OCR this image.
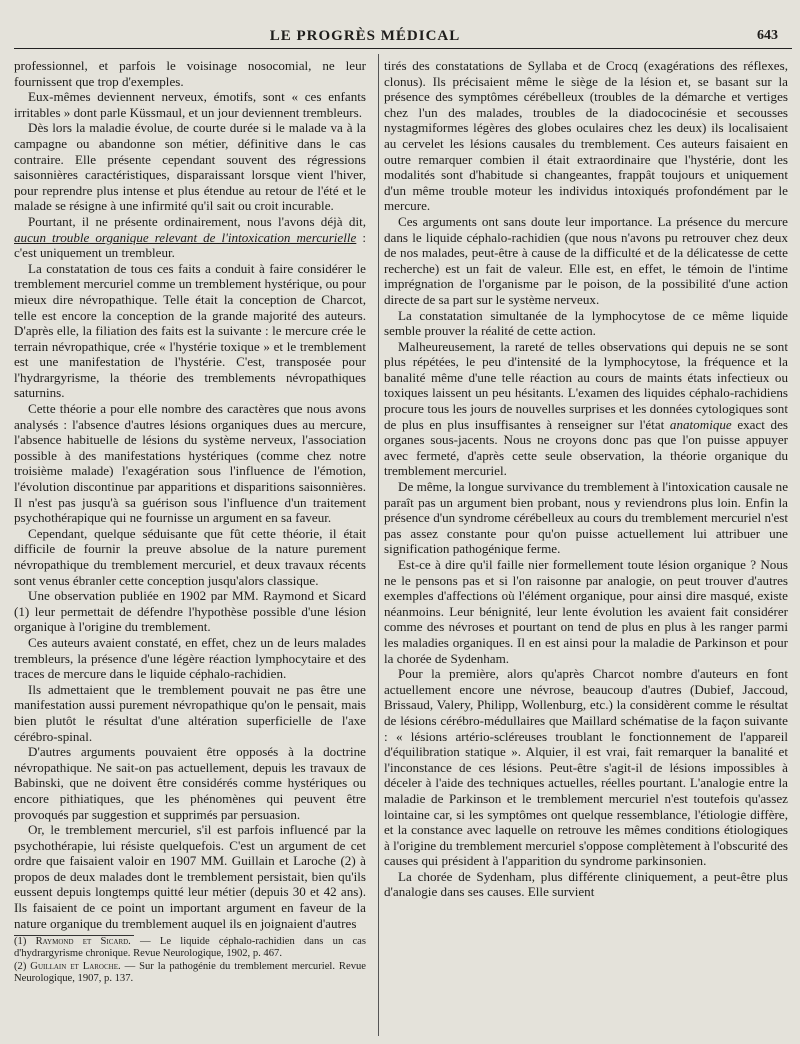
LE PROGRÈS MÉDICAL	643

professionnel, et parfois le voisinage nosocomial, ne leur fournissent que trop d'exemples.

Eux-mêmes deviennent nerveux, émotifs, sont « ces enfants irritables » dont parle Küssmaul, et un jour deviennent trembleurs.

Dès lors la maladie évolue, de courte durée si le malade va à la campagne ou abandonne son métier, définitive dans le cas contraire. Elle présente cependant souvent des régressions saisonnières caractéristiques, disparaissant lorsque vient l'hiver, pour reprendre plus intense et plus étendue au retour de l'été et le malade se résigne à une infirmité qu'il sait ou croit incurable.

Pourtant, il ne présente ordinairement, nous l'avons déjà dit, aucun trouble organique relevant de l'intoxication mercurielle : c'est uniquement un trembleur.

La constatation de tous ces faits a conduit à faire considérer le tremblement mercuriel comme un tremblement hystérique, ou pour mieux dire névropathique. Telle était la conception de Charcot, telle est encore la conception de la grande majorité des auteurs. D'après elle, la filiation des faits est la suivante : le mercure crée le terrain névropathique, crée « l'hystérie toxique » et le tremblement est une manifestation de l'hystérie. C'est, transposée pour l'hydrargyrisme, la théorie des tremblements névropathiques saturnins.

Cette théorie a pour elle nombre des caractères que nous avons analysés : l'absence d'autres lésions organiques dues au mercure, l'absence habituelle de lésions du système nerveux, l'association possible à des manifestations hystériques (comme chez notre troisième malade) l'exagération sous l'influence de l'émotion, l'évolution discontinue par apparitions et disparitions saisonnières. Il n'est pas jusqu'à sa guérison sous l'influence d'un traitement psychothérapique qui ne fournisse un argument en sa faveur.

Cependant, quelque séduisante que fût cette théorie, il était difficile de fournir la preuve absolue de la nature purement névropathique du tremblement mercuriel, et deux travaux récents sont venus ébranler cette conception jusqu'alors classique.

Une observation publiée en 1902 par MM. Raymond et Sicard (1) leur permettait de défendre l'hypothèse possible d'une lésion organique à l'origine du tremblement.

Ces auteurs avaient constaté, en effet, chez un de leurs malades trembleurs, la présence d'une légère réaction lymphocytaire et des traces de mercure dans le liquide céphalo-rachidien.

Ils admettaient que le tremblement pouvait ne pas être une manifestation aussi purement névropathique qu'on le pensait, mais bien plutôt le résultat d'une altération superficielle de l'axe cérébro-spinal.

D'autres arguments pouvaient être opposés à la doctrine névropathique. Ne sait-on pas actuellement, depuis les travaux de Babinski, que ne doivent être considérés comme hystériques ou encore pithiatiques, que les phénomènes qui peuvent être provoqués par suggestion et supprimés par persuasion.

Or, le tremblement mercuriel, s'il est parfois influencé par la psychothérapie, lui résiste quelquefois. C'est un argument de cet ordre que faisaient valoir en 1907 MM. Guillain et Laroche (2) à propos de deux malades dont le tremblement persistait, bien qu'ils eussent depuis longtemps quitté leur métier (depuis 30 et 42 ans). Ils faisaient de ce point un important argument en faveur de la nature organique du tremblement auquel ils en joignaient d'autres

(1) Raymond et Sicard. — Le liquide céphalo-rachidien dans un cas d'hydrargyrisme chronique. Revue Neurologique, 1902, p. 467.

(2) Guillain et Laroche. — Sur la pathogénie du tremblement mercuriel. Revue Neurologique, 1907, p. 137.

tirés des constatations de Syllaba et de Crocq (exagérations des réflexes, clonus). Ils précisaient même le siège de la lésion et, se basant sur la présence des symptômes cérébelleux (troubles de la démarche et vertiges chez l'un des malades, troubles de la diadococinésie et secousses nystagmiformes légères des globes oculaires chez les deux) ils localisaient au cervelet les lésions causales du tremblement. Ces auteurs faisaient en outre remarquer combien il était extraordinaire que l'hystérie, dont les modalités sont d'habitude si changeantes, frappât toujours et uniquement d'un même trouble moteur les individus intoxiqués profondément par le mercure.

Ces arguments ont sans doute leur importance. La présence du mercure dans le liquide céphalo-rachidien (que nous n'avons pu retrouver chez deux de nos malades, peut-être à cause de la difficulté et de la délicatesse de cette recherche) est un fait de valeur. Elle est, en effet, le témoin de l'intime imprégnation de l'organisme par le poison, de la possibilité d'une action directe de sa part sur le système nerveux.

La constatation simultanée de la lymphocytose de ce même liquide semble prouver la réalité de cette action.

Malheureusement, la rareté de telles observations qui depuis ne se sont plus répétées, le peu d'intensité de la lymphocytose, la fréquence et la banalité même d'une telle réaction au cours de maints états infectieux ou toxiques laissent un peu hésitants. L'examen des liquides céphalo-rachidiens procure tous les jours de nouvelles surprises et les données cytologiques sont de plus en plus insuffisantes à renseigner sur l'état anatomique exact des organes sous-jacents. Nous ne croyons donc pas que l'on puisse appuyer avec fermeté, d'après cette seule observation, la théorie organique du tremblement mercuriel.

De même, la longue survivance du tremblement à l'intoxication causale ne paraît pas un argument bien probant, nous y reviendrons plus loin. Enfin la présence d'un syndrome cérébelleux au cours du tremblement mercuriel n'est pas assez constante pour qu'on puisse actuellement lui attribuer une signification pathogénique ferme.

Est-ce à dire qu'il faille nier formellement toute lésion organique ? Nous ne le pensons pas et si l'on raisonne par analogie, on peut trouver d'autres exemples d'affections où l'élément organique, pour ainsi dire masqué, existe néanmoins. Leur bénignité, leur lente évolution les avaient fait considérer comme des névroses et pourtant on tend de plus en plus à les ranger parmi les maladies organiques. Il en est ainsi pour la maladie de Parkinson et pour la chorée de Sydenham.

Pour la première, alors qu'après Charcot nombre d'auteurs en font actuellement encore une névrose, beaucoup d'autres (Dubief, Jaccoud, Brissaud, Valery, Philipp, Wollenburg, etc.) la considèrent comme le résultat de lésions cérébro-médullaires que Maillard schématise de la façon suivante : « lésions artério-scléreuses troublant le fonctionnement de l'appareil d'équilibration statique ». Alquier, il est vrai, fait remarquer la banalité et l'inconstance de ces lésions. Peut-être s'agit-il de lésions impossibles à déceler à l'aide des techniques actuelles, réelles pourtant. L'analogie entre la maladie de Parkinson et le tremblement mercuriel n'est toutefois qu'assez lointaine car, si les symptômes ont quelque ressemblance, l'étiologie diffère, et la constance avec laquelle on retrouve les mêmes conditions étiologiques à l'origine du tremblement mercuriel s'oppose complètement à l'obscurité des causes qui président à l'apparition du syndrome parkinsonien.

La chorée de Sydenham, plus différente cliniquement, a peut-être plus d'analogie dans ses causes. Elle survient
